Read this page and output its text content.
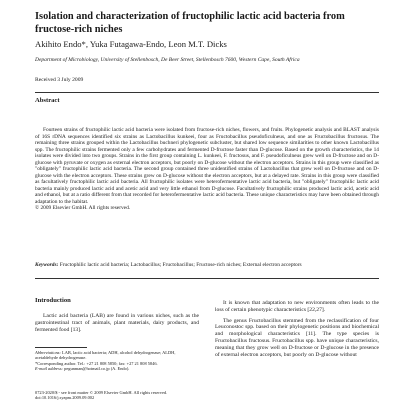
Isolation and characterization of fructophilic lactic acid bacteria from fructose-rich niches
Akihito Endo*, Yuka Futagawa-Endo, Leon M.T. Dicks
Department of Microbiology, University of Stellenbosch, De Beer Street, Stellenbosch 7600, Western Cape, South Africa
Received 3 July 2009
Abstract

Fourteen strains of fructophilic lactic acid bacteria were isolated from fructose-rich niches, flowers, and fruits. Phylogenetic analysis and BLAST analysis of 16S rDNA sequences identified six strains as Lactobacillus kunkeei, four as Fructobacillus pseudoficulneus, and one as Fructobacillus fructosus. The remaining three strains grouped within the Lactobacillus buchneri phylogenetic subcluster, but shared low sequence similarities to other known Lactobacillus spp. The fructophilic strains fermented only a few carbohydrates and fermented D-fructose faster than D-glucose. Based on the growth characteristics, the 14 isolates were divided into two groups. Strains in the first group containing L. kunkeei, F. fructosus, and F. pseudoficulneus grew well on D-fructose and on D-glucose with pyruvate or oxygen as external electron acceptors, but poorly on D-glucose without the electron acceptors. Strains in this group were classified as "obligately" fructophilic lactic acid bacteria. The second group contained three unidentified strains of Lactobacillus that grew well on D-fructose and on D-glucose with the electron acceptors. These strains grew on D-glucose without the electron acceptors, but at a delayed rate. Strains in this group were classified as facultatively fructophilic lactic acid bacteria. All fructophilic isolates were heterofermentative lactic acid bacteria, but "obligately" fructophilic lactic acid bacteria mainly produced lactic acid and acetic acid and very little ethanol from D-glucose. Facultatively fructophilic strains produced lactic acid, acetic acid and ethanol, but at a ratio different from that recorded for heterofermentative lactic acid bacteria. These unique characteristics may have been obtained through adaptation to the habitat.

© 2009 Elsevier GmbH. All rights reserved.

Keywords: Fructophilic lactic acid bacteria; Lactobacillus; Fructobacillus; Fructose-rich niches; External electron acceptors
Introduction
Lactic acid bacteria (LAB) are found in various niches, such as the gastrointestinal tract of animals, plant materials, dairy products, and fermented food [13].

It is known that adaptation to new environments often leads to the loss of certain phenotypic characteristics [22,27].

The genus Fructobacillus stemmed from the reclassification of four Leuconostoc spp. based on their phylogenetic positions and biochemical and morphological characteristics [11]. The type species is Fructobacillus fructosus. Fructobacillus spp. have unique characteristics, meaning that they grow well on D-fructose or D-glucose in the presence of external electron acceptors, but poorly on D-glucose without

Abbreviations: LAB, lactic acid bacteria; ADH, alcohol dehydrogenase; ALDH, acetaldehyde dehydrogenase.
*Corresponding author. Tel.: +27 21 808 5850; fax: +27 21 808 5846.
E-mail address: pegunman@hotmail.co.jp (A. Endo).
0723-2020/$ - see front matter © 2009 Elsevier GmbH. All rights reserved.
doi:10.1016/j.syapm.2009.09.002
